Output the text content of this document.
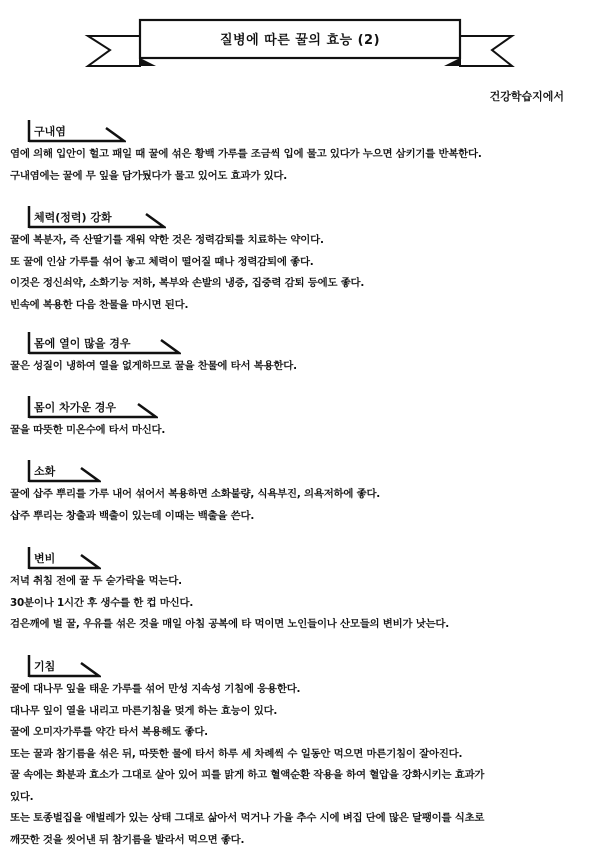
질병에 따른 꿀의 효능 (2)
건강학습지에서
구내염

염에 의해 입안이 헐고 패일 때 꿀에 섞은 황백 가루를 조금씩 입에 물고 있다가 누으면 삼키기를 반복한다.

구내염에는 꿀에 무 잎을 담가뒀다가 물고 있어도 효과가 있다.

체력(정력) 강화

꿀에 복분자, 즉 산딸기를 재워 약한 것은 정력감퇴를 치료하는 약이다.

또 꿀에 인삼 가루를 섞어 놓고 체력이 떨어질 때나 정력감퇴에 좋다.

이것은 정신쇠약, 소화기능 저하, 복부와 손발의 냉증, 집중력 감퇴 등에도 좋다.

빈속에 복용한 다음 찬물을 마시면 된다.

몸에 열이 많을 경우

꿀은 성질이 냉하여 열을 없게하므로 꿀을 찬물에 타서 복용한다.

몸이 차가운 경우

꿀을 따뜻한 미온수에 타서 마신다.

소화

꿀에 삽주 뿌리를 가루 내어 섞어서 복용하면 소화불량, 식욕부진, 의욕저하에 좋다.

삽주 뿌리는 창출과 백출이 있는데 이때는 백출을 쓴다.

변비

저녁 취침 전에 꿀 두 숟가락을 먹는다.

30분이나 1시간 후 생수를 한 컵 마신다.

검은깨에 벌 꿀, 우유를 섞은 것을 매일 아침 공복에 타 먹이면 노인들이나 산모들의 변비가 낫는다.

기침

꿀에 대나무 잎을 태운 가루를 섞어 만성 지속성 기침에 응용한다.

대나무 잎이 열을 내리고 마른기침을 멎게 하는 효능이 있다.

꿀에 오미자가루를 약간 타서 복용해도 좋다.

또는 꿀과 참기름을 섞은 뒤, 따뜻한 물에 타서 하루 세 차례씩 수 일동안 먹으면 마른기침이 잘아진다.

꿀 속에는 화분과 효소가 그대로 살아 있어 피를 맑게 하고 혈액순환 작용을 하여 혈압을 강화시키는 효과가

있다.

또는 토종벌집을 애벌레가 있는 상태 그대로 삶아서 먹거나 가을 추수 시에 벼집 단에 많은 달팽이를 식초로

깨끗한 것을 씻어낸 뒤 참기름을 발라서 먹으면 좋다.
